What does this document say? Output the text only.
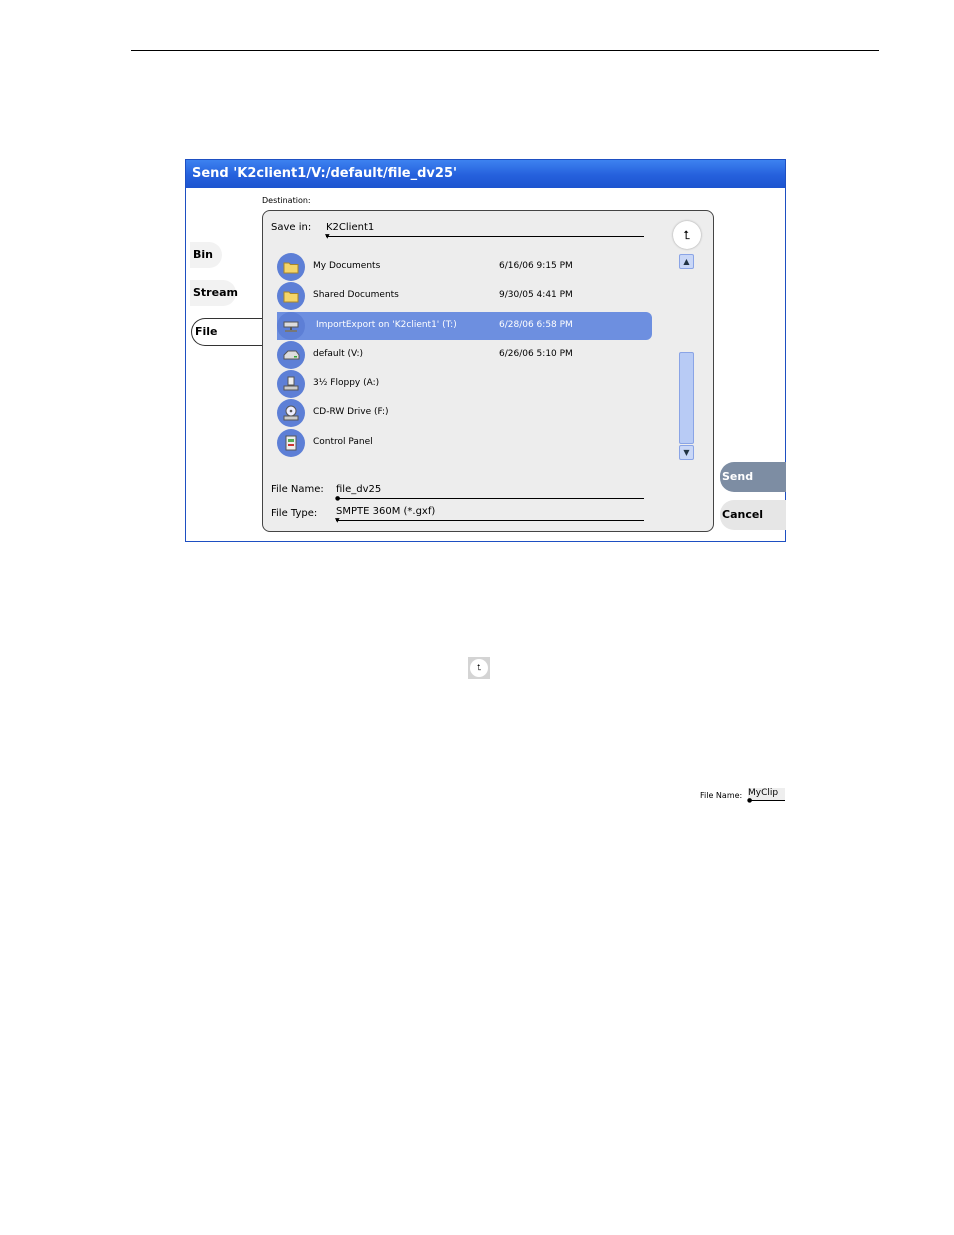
Send 'K2client1/V:/default/file_dv25'
Destination:
Bin
Stream
File
Save in: K2Client1
▼	⮤
My Documents	6/16/06 9:15 PM
Shared Documents	9/30/05 4:41 PM
ImportExport on 'K2client1' (T:)	6/28/06 6:58 PM
default (V:)	6/26/06 5:10 PM
3½ Floppy (A:)
CD-RW Drive (F:)
Control Panel
▲
▼
File Name: file_dv25
●
File Type: SMPTE 360M (*.gxf)
▼
Send
Cancel
⮤
File Name: MyClip
●
